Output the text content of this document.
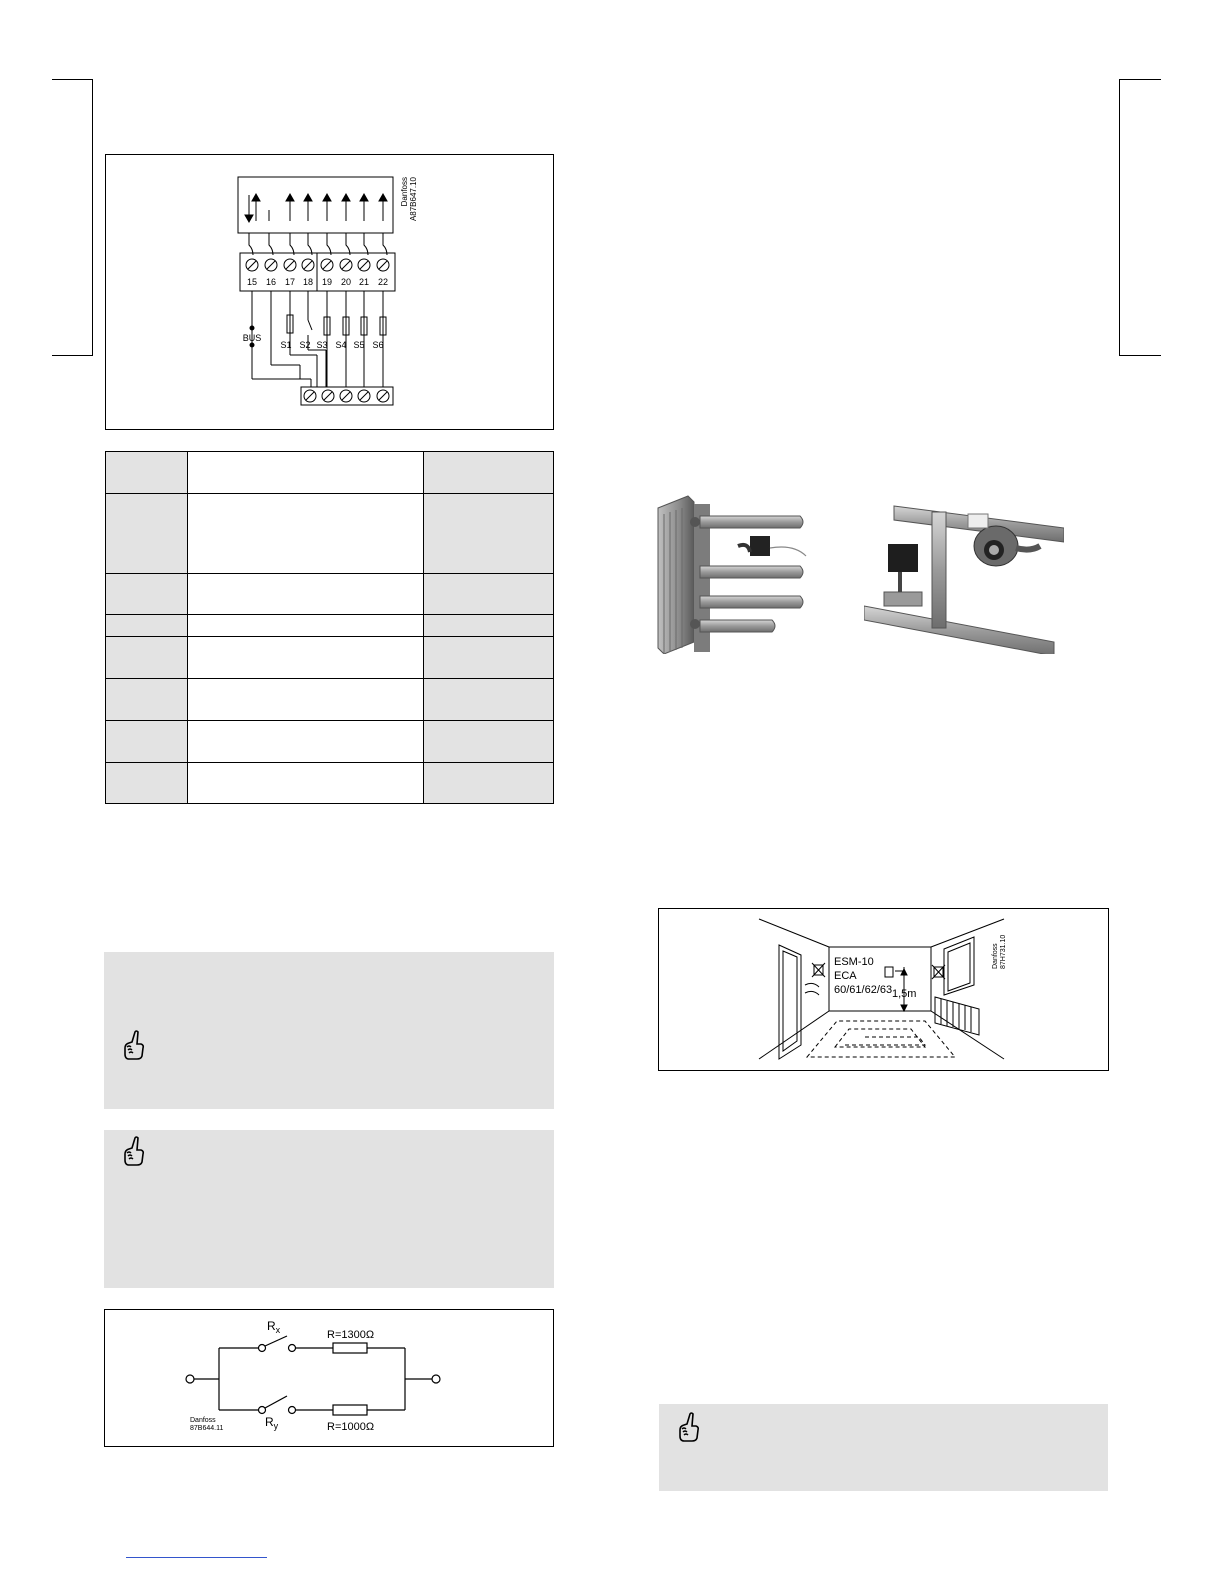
Danfoss A87B647.10
15 16 17 18 19 20 21 22
BUS
S1 S2 S3 S4 S5 S6

$R_x$
$R_y$
R=1300Ω
R=1000Ω
Danfoss
87B644.11
ESM-10
ECA
60/61/62/63 1,5m
Danfoss 87H731.10
